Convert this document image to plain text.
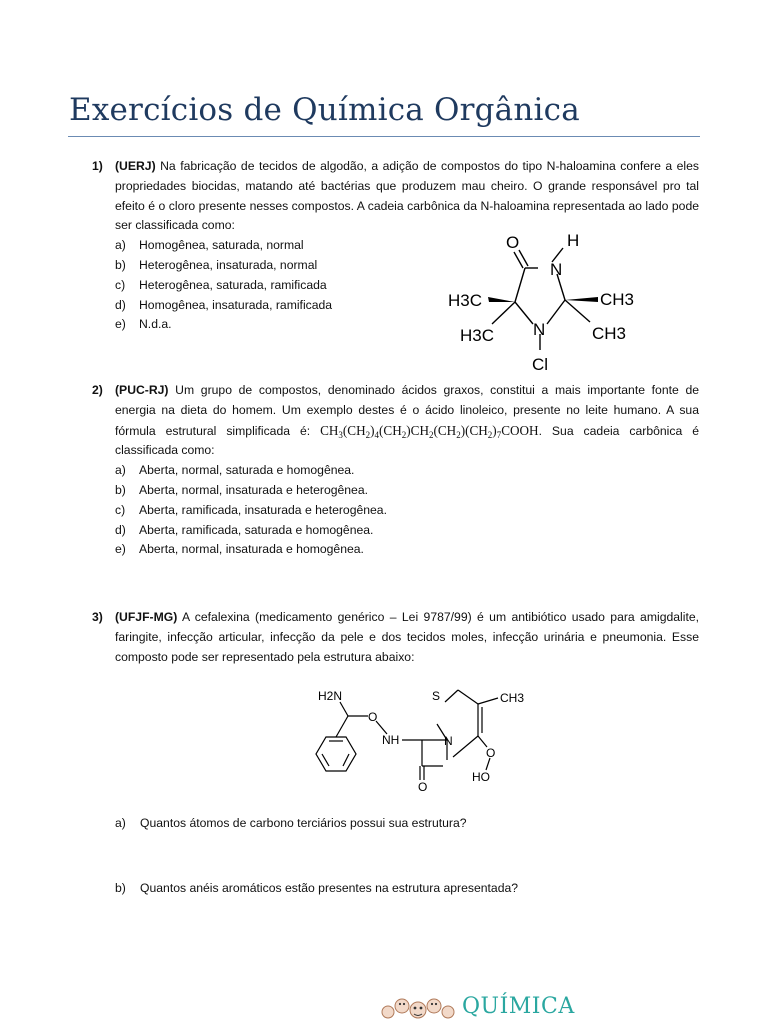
Exercícios de Química Orgânica
1) (UERJ) Na fabricação de tecidos de algodão, a adição de compostos do tipo N-haloamina confere a eles propriedades biocidas, matando até bactérias que produzem mau cheiro. O grande responsável pro tal efeito é o cloro presente nesses compostos. A cadeia carbônica da N-haloamina representada ao lado pode ser classificada como:
a) Homogênea, saturada, normal
b) Heterogênea, insaturada, normal
c) Heterogênea, saturada, ramificada
d) Homogênea, insaturada, ramificada
e) N.d.a.
O	H
N
N
Cl
H3C
H3C
CH3
CH3
2) (PUC-RJ) Um grupo de compostos, denominado ácidos graxos, constitui a mais importante fonte de energia na dieta do homem. Um exemplo destes é o ácido linoleico, presente no leite humano. A sua fórmula estrutural simplificada é: $CH_3(CH_2)_4(CH_2)CH_2(CH_2)(CH_2)_7COOH$. Sua cadeia carbônica é classificada como:
a) Aberta, normal, saturada e homogênea.
b) Aberta, normal, insaturada e heterogênea.
c) Aberta, ramificada, insaturada e heterogênea.
d) Aberta, ramificada, saturada e homogênea.
e) Aberta, normal, insaturada e homogênea.
3) (UFJF-MG) A cefalexina (medicamento genérico – Lei 9787/99) é um antibiótico usado para amigdalite, faringite, infecção articular, infecção da pele e dos tecidos moles, infecção urinária e pneumonia. Esse composto pode ser representado pela estrutura abaixo:
H2N
O
NH
S	CH3
N
O
O
HO
a) Quantos átomos de carbono terciários possui sua estrutura?
b) Quantos anéis aromáticos estão presentes na estrutura apresentada?
QUÍMICA
